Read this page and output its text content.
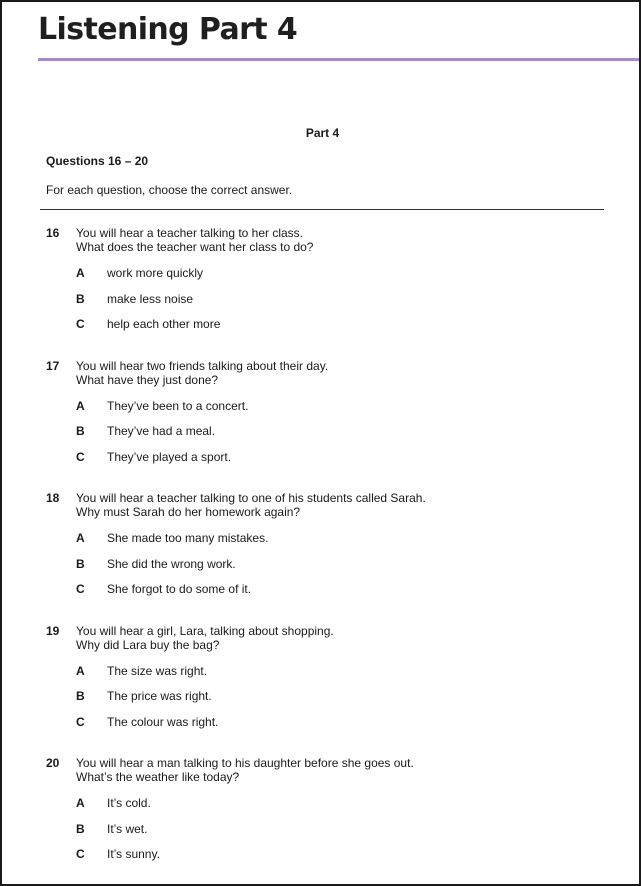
Listening Part 4
Part 4
Questions 16 – 20
For each question, choose the correct answer.
16	You will hear a teacher talking to her class.
What does the teacher want her class to do?
A work more quickly
B make less noise
C help each other more
17	You will hear two friends talking about their day.
What have they just done?
A They’ve been to a concert.
B They’ve had a meal.
C They’ve played a sport.
18	You will hear a teacher talking to one of his students called Sarah.
Why must Sarah do her homework again?
A She made too many mistakes.
B She did the wrong work.
C She forgot to do some of it.
19	You will hear a girl, Lara, talking about shopping.
Why did Lara buy the bag?
A The size was right.
B The price was right.
C The colour was right.
20	You will hear a man talking to his daughter before she goes out.
What’s the weather like today?
A It’s cold.
B It’s wet.
C It’s sunny.
